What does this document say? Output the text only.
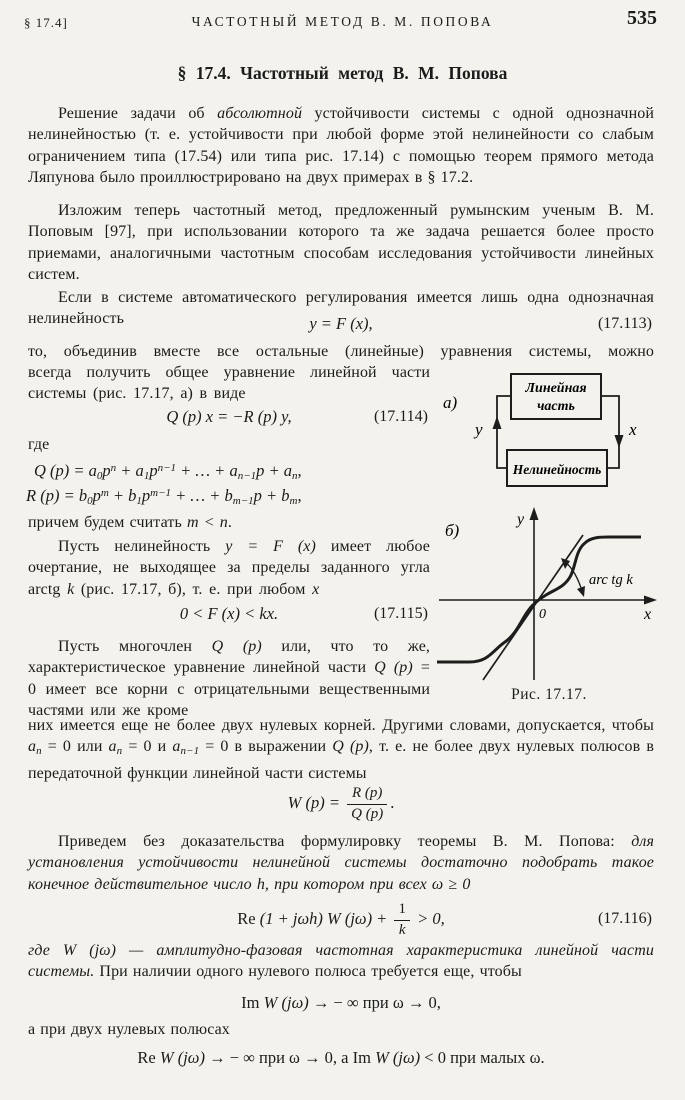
§ 17.4]	ЧАСТОТНЫЙ МЕТОД В. М. ПОПОВА	535
§ 17.4. Частотный метод В. М. Попова

Решение задачи об абсолютной устойчивости системы с одной однозначной нелинейностью (т. е. устойчивости при любой форме этой нелинейности со слабым ограничением типа (17.54) или типа рис. 17.14) с помощью теорем прямого метода Ляпунова было проиллюстрировано на двух примерах в § 17.2.

Изложим теперь частотный метод, предложенный румынским ученым В. М. Поповым [97], при использовании которого та же задача решается более просто приемами, аналогичными частотным способам исследования устойчивости линейных систем.

Если в системе автоматического регулирования имеется лишь одна однозначная нелинейность	y = F (x),	(17.113)

то, объединив вместе все остальные (линейные) уравнения системы, можно

всегда получить общее уравнение линейной части системы (рис. 17.17, а) в виде

Q (p) x = −R (p) y,	(17.114)

где

Q $(p) = a_0p^n + a_1p^{n-1}$ + … + $a_{n-1}p + a_n$,
R $(p) = b_0p^m + b_1p^{m-1}$ + … + $b_{m-1}p + b_m$,

причем будем считать m < n.

Пусть нелинейность y = F (x) имеет любое очертание, не выходящее за пределы заданного угла arctg k (рис. 17.17, б), т. е. при любом x

0 < F (x) < kx.	(17.115)

Пусть многочлен Q (p) или, что то же, характеристическое уравнение линейной части Q (p) = 0 имеет все корни с отрицательными вещественными частями или же кроме

них имеется еще не более двух нулевых корней. Другими словами, допускается, чтобы $a_n = 0$ или $a_n = 0$ и $a_{n-1} = 0$ в выражении Q (p), т. е. не более двух нулевых полюсов в передаточной функции линейной части системы

W $(p) = \frac{R (p)}{Q (p)}$ .

Приведем без доказательства формулировку теоремы В. М. Попова: для установления устойчивости нелинейной системы достаточно подобрать такое конечное действительное число h, при котором при всех ω ≥ 0

Re (1 + jωh) W $(j\omega) + \frac{1}{k} > 0$,	(17.116)

где W (jω) — амплитудно-фазовая частотная характеристика линейной части системы. При наличии одного нулевого полюса требуется еще, чтобы

Im W (jω) → − ∞ при ω → 0,

а при двух нулевых полюсах

Re W (jω) → − ∞ при ω → 0, а Im W (jω) < 0 при малых ω.
а)
Линейная
часть
Нелинейность
y	x
б)
arc tg k
y
x
0
Рис. 17.17.
